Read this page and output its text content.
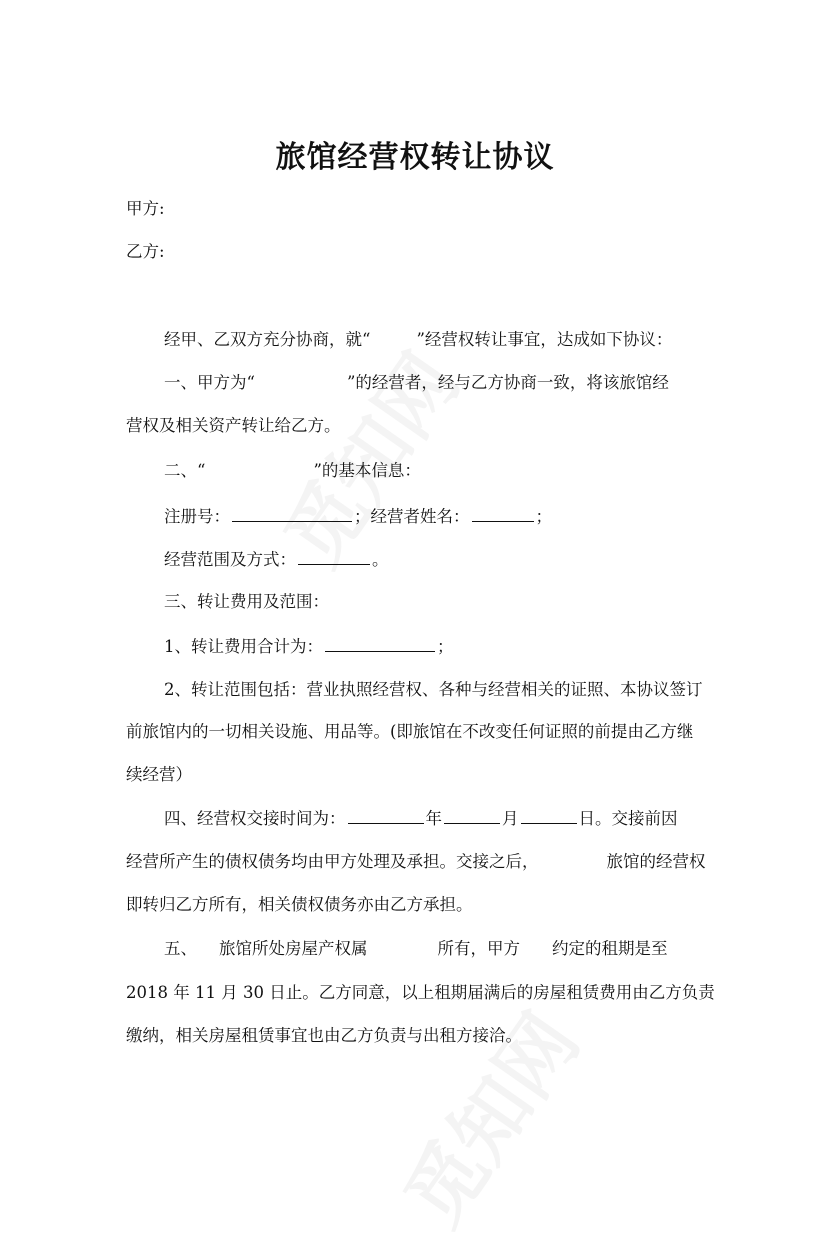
旅馆经营权转让协议
甲方:
乙方:
经甲、乙双方充分协商，就“	”经营权转让事宜，达成如下协议：
一、甲方为“	”的经营者，经与乙方协商一致，将该旅馆经
营权及相关资产转让给乙方。
二、“	”的基本信息：
注册号：	；经营者姓名：	；
经营范围及方式：	。
三、转让费用及范围：
1、转让费用合计为：	；
2、转让范围包括：营业执照经营权、各种与经营相关的证照、本协议签订
前旅馆内的一切相关设施、用品等。(即旅馆在不改变任何证照的前提由乙方继
续经营）
四、经营权交接时间为：	年	月	日。交接前因
经营所产生的债权债务均由甲方处理及承担。交接之后，	旅馆的经营权
即转归乙方所有，相关债权债务亦由乙方承担。
五、 旅馆所处房屋产权属	所有，甲方 约定的租期是至
2018 年 11 月 30 日止。乙方同意，以上租期届满后的房屋租赁费用由乙方负责
缴纳，相关房屋租赁事宜也由乙方负责与出租方接洽。
